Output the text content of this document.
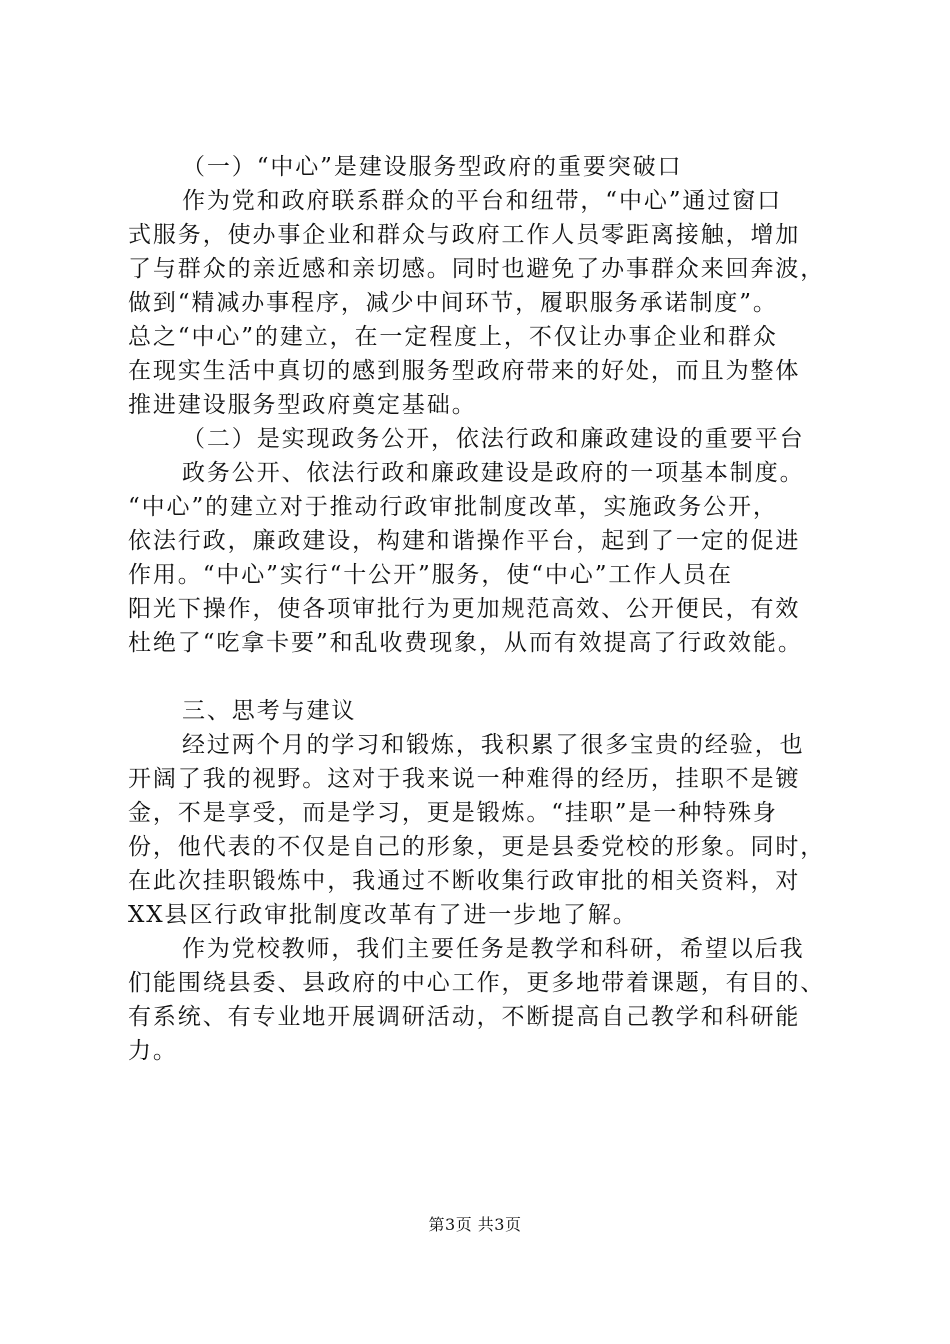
（一）“中心”是建设服务型政府的重要突破口
作为党和政府联系群众的平台和纽带，“中心”通过窗口
式服务，使办事企业和群众与政府工作人员零距离接触，增加
了与群众的亲近感和亲切感。同时也避免了办事群众来回奔波，
做到“精减办事程序，减少中间环节，履职服务承诺制度”。
总之“中心”的建立，在一定程度上，不仅让办事企业和群众
在现实生活中真切的感到服务型政府带来的好处，而且为整体
推进建设服务型政府奠定基础。
（二）是实现政务公开，依法行政和廉政建设的重要平台
政务公开、依法行政和廉政建设是政府的一项基本制度。
“中心”的建立对于推动行政审批制度改革，实施政务公开，
依法行政，廉政建设，构建和谐操作平台，起到了一定的促进
作用。“中心”实行“十公开”服务，使“中心”工作人员在
阳光下操作，使各项审批行为更加规范高效、公开便民，有效
杜绝了“吃拿卡要”和乱收费现象，从而有效提高了行政效能。
三、思考与建议
经过两个月的学习和锻炼，我积累了很多宝贵的经验，也
开阔了我的视野。这对于我来说一种难得的经历，挂职不是镀
金，不是享受，而是学习，更是锻炼。“挂职”是一种特殊身
份，他代表的不仅是自己的形象，更是县委党校的形象。同时，
在此次挂职锻炼中，我通过不断收集行政审批的相关资料，对
XX县区行政审批制度改革有了进一步地了解。
作为党校教师，我们主要任务是教学和科研，希望以后我
们能围绕县委、县政府的中心工作，更多地带着课题，有目的、
有系统、有专业地开展调研活动，不断提高自己教学和科研能
力。
第3页 共3页
